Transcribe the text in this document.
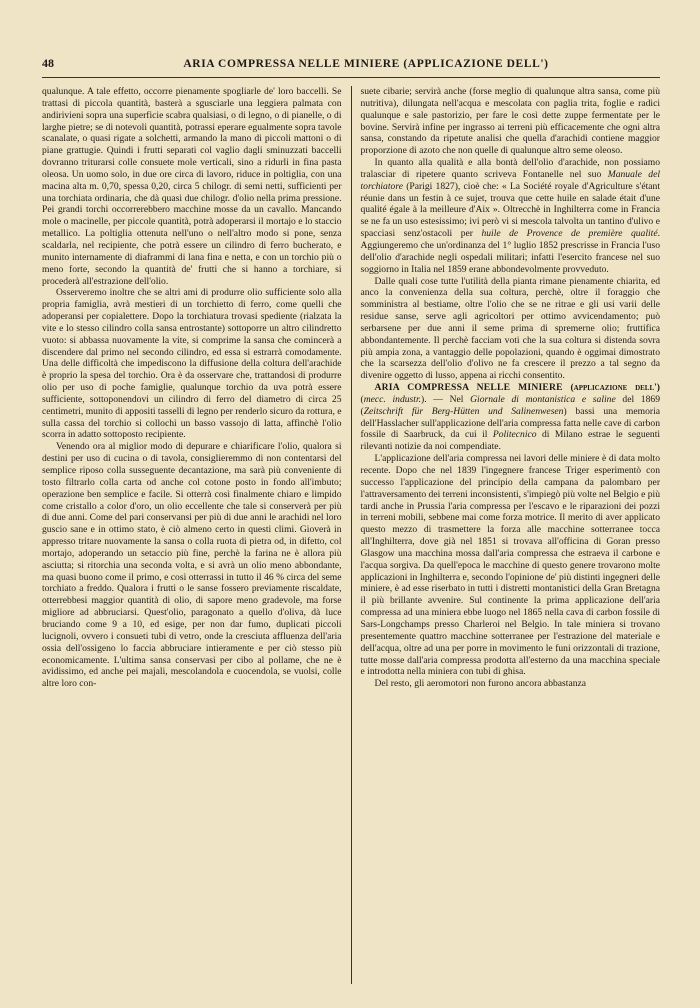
48	ARIA COMPRESSA NELLE MINIERE (APPLICAZIONE DELL')

qualunque. A tale effetto, occorre pienamente spogliarle de' loro baccelli. Se trattasi di piccola quantità, basterà a sgusciarle una leggiera palmata con andirivieni sopra una superficie scabra qualsiasi, o di legno, o di pianelle, o di larghe pietre; se di notevoli quantità, potrassi eperare egualmente sopra tavole scanalate, o quasi rigate a solchetti, armando la mano di piccoli mattoni o di piane grattugie. Quindi i frutti separati col vaglio dagli sminuzzati baccelli dovranno triturarsi colle consuete mole verticali, sino a ridurli in fina pasta oleosa. Un uomo solo, in due ore circa di lavoro, riduce in poltiglia, con una macina alta m. 0,70, spessa 0,20, circa 5 chilogr. di semi netti, sufficienti per una torchiata ordinaria, che dà quasi due chilogr. d'olio nella prima pressione. Pei grandi torchi occorrerebbero macchine mosse da un cavallo. Mancando mole o macinelle, per piccole quantità, potrà adoperarsi il mortajo e lo staccio metallico. La poltiglia ottenuta nell'uno o nell'altro modo si pone, senza scaldarla, nel recipiente, che potrà essere un cilindro di ferro bucherato, e munito internamente di diaframmi di lana fina e netta, e con un torchio più o meno forte, secondo la quantità de' frutti che si hanno a torchiare, si procederà all'estrazione dell'olio.

Osserveremo inoltre che se altri ami di produrre olio sufficiente solo alla propria famiglia, avrà mestieri di un torchietto di ferro, come quelli che adoperansi per copialettere. Dopo la torchiatura trovasi spediente (rialzata la vite e lo stesso cilindro colla sansa entrostante) sottoporre un altro cilindretto vuoto: si abbassa nuovamente la vite, si comprime la sansa che comincerà a discendere dal primo nel secondo cilindro, ed essa si estrarrà comodamente. Una delle difficoltà che impediscono la diffusione della coltura dell'arachide è proprio la spesa del torchio. Ora è da osservare che, trattandosi di produrre olio per uso di poche famiglie, qualunque torchio da uva potrà essere sufficiente, sottoponendovi un cilindro di ferro del diametro di circa 25 centimetri, munito di appositi tasselli di legno per renderlo sicuro da rottura, e sulla cassa del torchio si collochi un basso vassojo di latta, affinchè l'olio scorra in adatto sottoposto recipiente.

Venendo ora al miglior modo di depurare e chiarificare l'olio, qualora si destini per uso di cucina o di tavola, consiglieremmo di non contentarsi del semplice riposo colla susseguente decantazione, ma sarà più conveniente di tosto filtrarlo colla carta od anche col cotone posto in fondo all'imbuto; operazione ben semplice e facile. Si otterrà così finalmente chiaro e limpido come cristallo a color d'oro, un olio eccellente che tale si conserverà per più di due anni. Come del pari conservansi per più di due anni le arachidi nel loro guscio sane e in ottimo stato, è ciò almeno certo in questi climi. Gioverà in appresso tritare nuovamente la sansa o colla ruota di pietra od, in difetto, col mortajo, adoperando un setaccio più fine, perchè la farina ne è allora più asciutta; si ritorchia una seconda volta, e si avrà un olio meno abbondante, ma quasi buono come il primo, e così otterrassi in tutto il 46 % circa del seme torchiato a freddo. Qualora i frutti o le sanse fossero previamente riscaldate, otterrebbesi maggior quantità di olio, di sapore meno gradevole, ma forse migliore ad abbruciarsi. Quest'olio, paragonato a quello d'oliva, dà luce bruciando come 9 a 10, ed esige, per non dar fumo, duplicati piccoli lucignoli, ovvero i consueti tubi di vetro, onde la cresciuta affluenza dell'aria ossia dell'ossigeno lo faccia abbruciare intieramente e per ciò stesso più economicamente. L'ultima sansa conservasi per cibo al pollame, che ne è avidissimo, ed anche pei majali, mescolandola e cuocendola, se vuolsi, colle altre loro con-

suete cibarie; servirà anche (forse meglio di qualunque altra sansa, come più nutritiva), dilungata nell'acqua e mescolata con paglia trita, foglie e radici qualunque e sale pastorizio, per fare le così dette zuppe fermentate per le bovine. Servirà infine per ingrasso ai terreni più efficacemente che ogni altra sansa, constando da ripetute analisi che quella d'arachidi contiene maggior proporzione di azoto che non quelle di qualunque altro seme oleoso.

In quanto alla qualità e alla bontà dell'olio d'arachide, non possiamo tralasciar di ripetere quanto scriveva Fontanelle nel suo Manuale del torchiatore (Parigi 1827), cioè che: « La Société royale d'Agriculture s'étant réunie dans un festin à ce sujet, trouva que cette huile en salade était d'une qualité égale à la meilleure d'Aix ». Oltrecchè in Inghilterra come in Francia se ne fa un uso estesissimo; ivi però vi si mescola talvolta un tantino d'ulivo e spacciasi senz'ostacoli per huile de Provence de première qualité. Aggiungeremo che un'ordinanza del 1° luglio 1852 prescrisse in Francia l'uso dell'olio d'arachide negli ospedali militari; infatti l'esercito francese nel suo soggiorno in Italia nel 1859 erane abbondevolmente provveduto.

Dalle quali cose tutte l'utilità della pianta rimane pienamente chiarita, ed anco la convenienza della sua coltura, perchè, oltre il foraggio che somministra al bestiame, oltre l'olio che se ne ritrae e gli usi varii delle residue sanse, serve agli agricoltori per ottimo avvicendamento; può serbarsene per due anni il seme prima di spremerne olio; fruttifica abbondantemente. Il perchè facciam voti che la sua coltura si distenda sovra più ampia zona, a vantaggio delle popolazioni, quando è oggimai dimostrato che la scarsezza dell'olio d'olivo ne fa crescere il prezzo a tal segno da divenire oggetto di lusso, appena ai ricchi consentito.

ARIA COMPRESSA NELLE MINIERE (applicazione dell') (mecc. industr.). — Nel Giornale di montanistica e saline del 1869 (Zeitschrift für Berg-Hütten und Salinenwesen) bassi una memoria dell'Hasslacher sull'applicazione dell'aria compressa fatta nelle cave di carbon fossile di Saarbruck, da cui il Politecnico di Milano estrae le seguenti rilevanti notizie da noi compendiate.

L'applicazione dell'aria compressa nei lavori delle miniere è di data molto recente. Dopo che nel 1839 l'ingegnere francese Triger esperimentò con successo l'applicazione del principio della campana da palombaro per l'attraversamento dei terreni inconsistenti, s'impiegò più volte nel Belgio e più tardi anche in Prussia l'aria compressa per l'escavo e le riparazioni dei pozzi in terreni mobili, sebbene mai come forza motrice. Il merito di aver applicato questo mezzo di trasmettere la forza alle macchine sotterranee tocca all'Inghilterra, dove già nel 1851 si trovava all'officina di Goran presso Glasgow una macchina mossa dall'aria compressa che estraeva il carbone e l'acqua sorgiva. Da quell'epoca le macchine di questo genere trovarono molte applicazioni in Inghilterra e, secondo l'opinione de' più distinti ingegneri delle miniere, è ad esse riserbato in tutti i distretti montanistici della Gran Bretagna il più brillante avvenire. Sul continente la prima applicazione dell'aria compressa ad una miniera ebbe luogo nel 1865 nella cava di carbon fossile di Sars-Longchamps presso Charleroi nel Belgio. In tale miniera si trovano presentemente quattro macchine sotterranee per l'estrazione del materiale e dell'acqua, oltre ad una per porre in movimento le funi orizzontali di trazione, tutte mosse dall'aria compressa prodotta all'esterno da una macchina speciale e introdotta nella miniera con tubi di ghisa.

Del resto, gli aeromotori non furono ancora abbastanza
